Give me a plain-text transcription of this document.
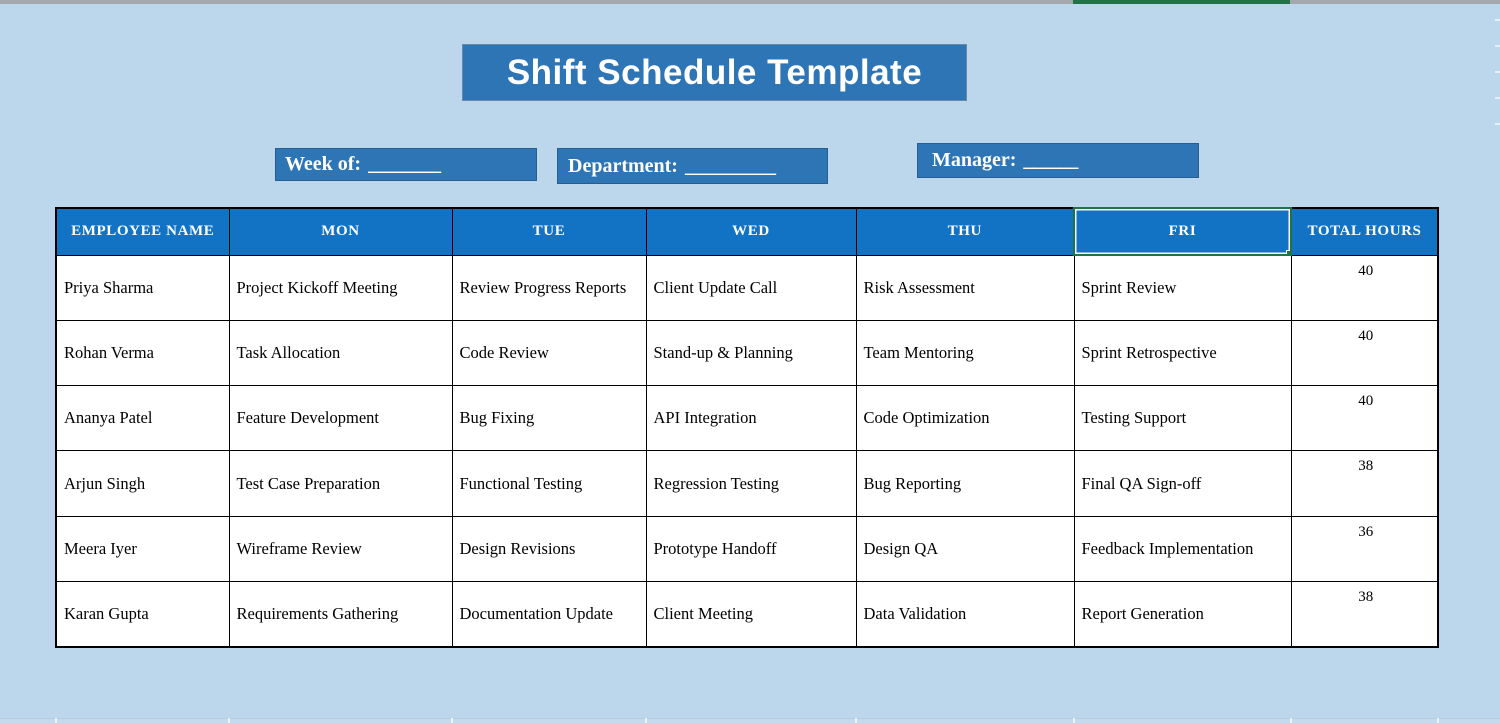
Shift Schedule Template
Week of: ________	Department: __________	Manager: ______
EMPLOYEE NAME	MON	TUE	WED	THU	FRI	TOTAL HOURS
Priya Sharma	Project Kickoff Meeting	Review Progress Reports	Client Update Call	Risk Assessment	Sprint Review	40
Rohan Verma	Task Allocation	Code Review	Stand-up & Planning	Team Mentoring	Sprint Retrospective	40
Ananya Patel	Feature Development	Bug Fixing	API Integration	Code Optimization	Testing Support	40
Arjun Singh	Test Case Preparation	Functional Testing	Regression Testing	Bug Reporting	Final QA Sign-off	38
Meera Iyer	Wireframe Review	Design Revisions	Prototype Handoff	Design QA	Feedback Implementation	36
Karan Gupta	Requirements Gathering	Documentation Update	Client Meeting	Data Validation	Report Generation	38
